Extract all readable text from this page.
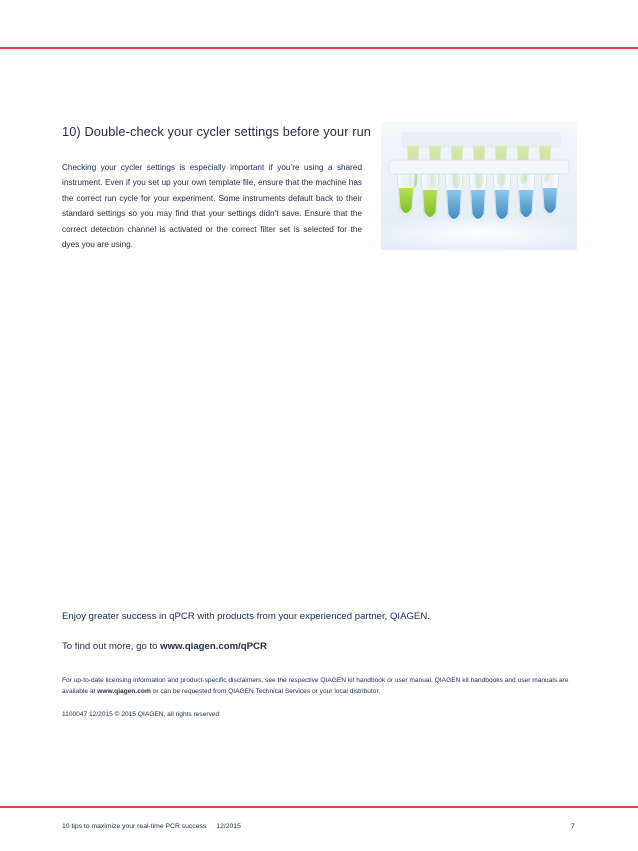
10) Double-check your cycler settings before your run
Checking your cycler settings is especially important if you’re using a shared instrument. Even if you set up your own template file, ensure that the machine has the correct run cycle for your experiment. Some instruments default back to their standard settings so you may find that your settings didn’t save. Ensure that the correct detection channel is activated or the correct filter set is selected for the dyes you are using.
Enjoy greater success in qPCR with products from your experienced partner, QIAGEN.
To find out more, go to www.qiagen.com/qPCR
For up-to-date licensing information and product-specific disclaimers, see the respective QIAGEN kit handbook or user manual. QIAGEN kit handbooks and user manuals are available at www.qiagen.com or can be requested from QIAGEN Technical Services or your local distributor.
1100047 12/2015 © 2015 QIAGEN, all rights reserved
10 tips to maximize your real-time PCR success 12/2015	7
